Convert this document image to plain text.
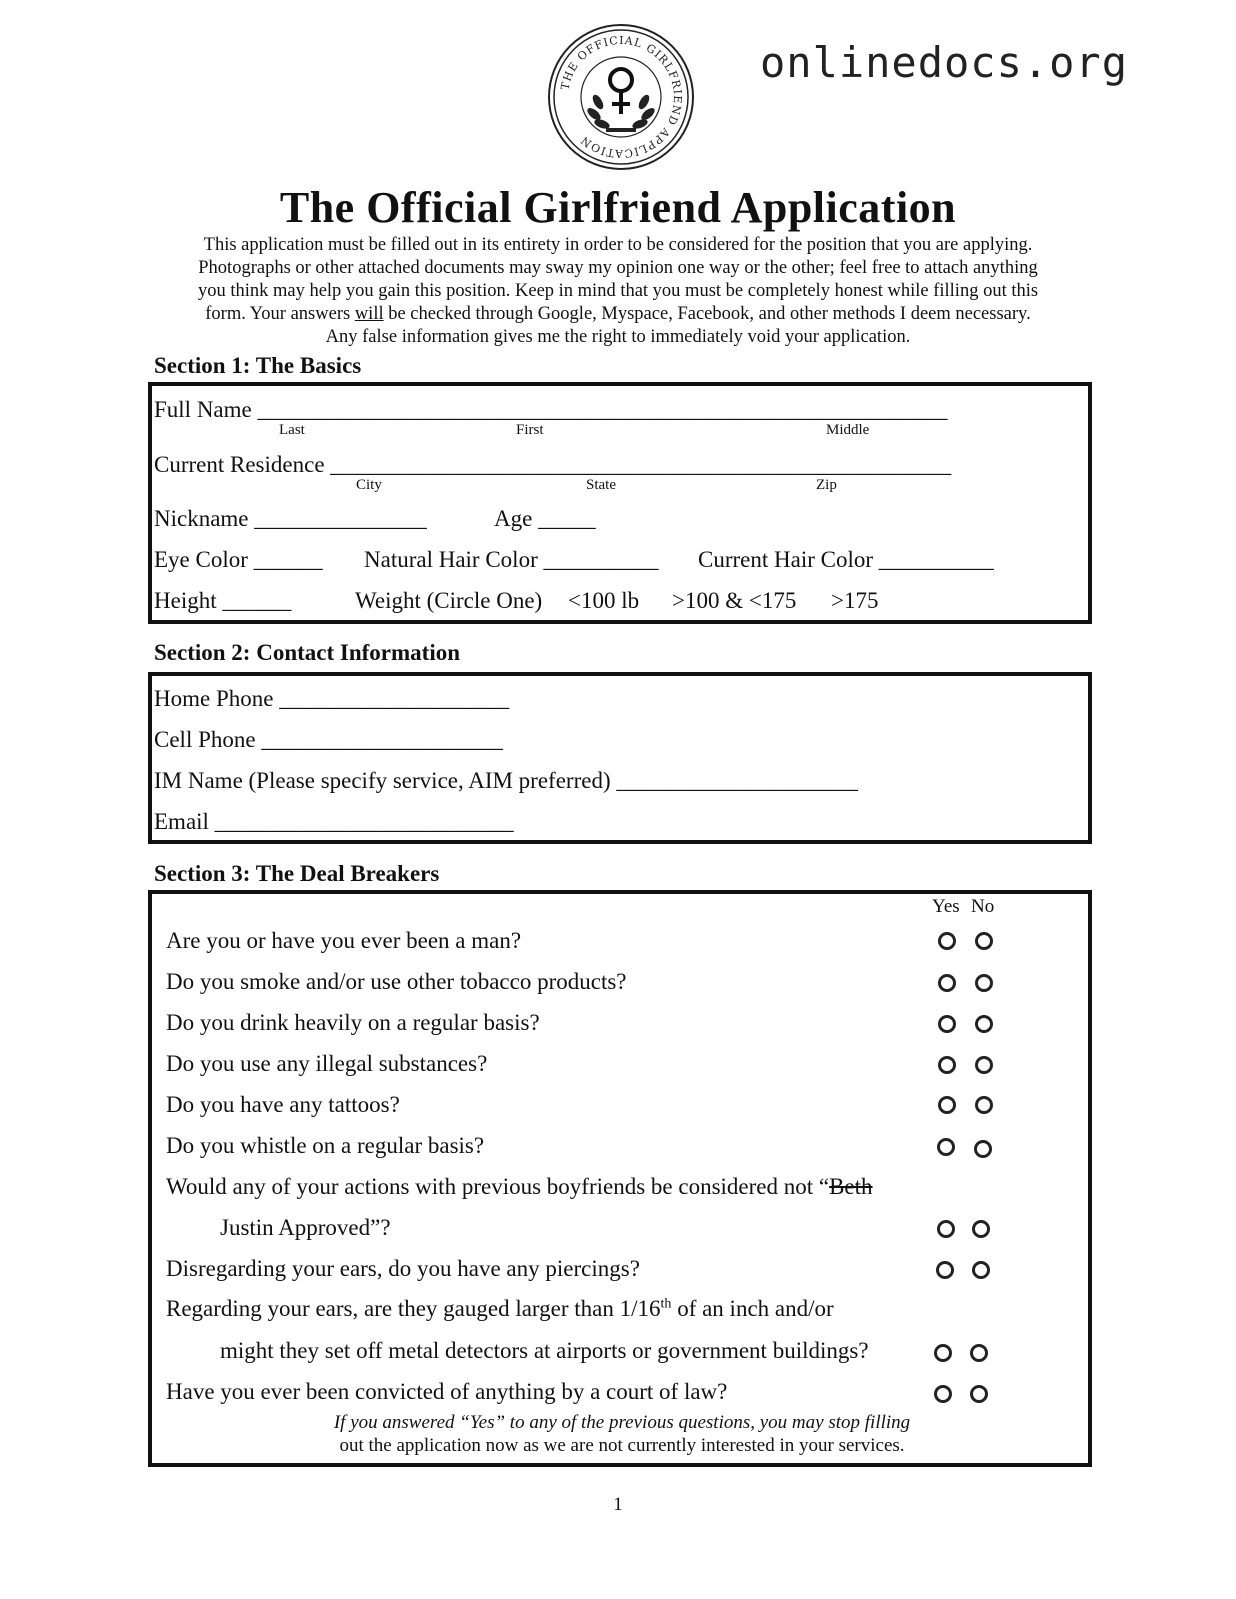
onlinedocs.org
THE OFFICIAL GIRLFRIEND APPLICATION
The Official Girlfriend Application

This application must be filled out in its entirety in order to be considered for the position that you are applying.

Photographs or other attached documents may sway my opinion one way or the other; feel free to attach anything

you think may help you gain this position. Keep in mind that you must be completely honest while filling out this

form. Your answers will be checked through Google, Myspace, Facebook, and other methods I deem necessary.

Any false information gives me the right to immediately void your application.

Section 1: The Basics
Full Name ____________________________________________________________
Last	First	Middle
Current Residence ______________________________________________________
City	State	Zip
Nickname _______________	Age _____
Eye Color ______ Natural Hair Color __________ Current Hair Color __________
Height ______	Weight (Circle One) <100 lb >100 & <175 >175
Section 2: Contact Information
Home Phone ____________________
Cell Phone _____________________
IM Name (Please specify service, AIM preferred) _____________________
Email __________________________
Section 3: The Deal Breakers
Yes No
Are you or have you ever been a man?
Do you smoke and/or use other tobacco products?
Do you drink heavily on a regular basis?
Do you use any illegal substances?
Do you have any tattoos?
Do you whistle on a regular basis?
Would any of your actions with previous boyfriends be considered not “Beth
Justin Approved”?
Disregarding your ears, do you have any piercings?
Regarding your ears, are they gauged larger than 1/16th of an inch and/or
might they set off metal detectors at airports or government buildings?
Have you ever been convicted of anything by a court of law?

If you answered “Yes” to any of the previous questions, you may stop filling

out the application now as we are not currently interested in your services.

1
